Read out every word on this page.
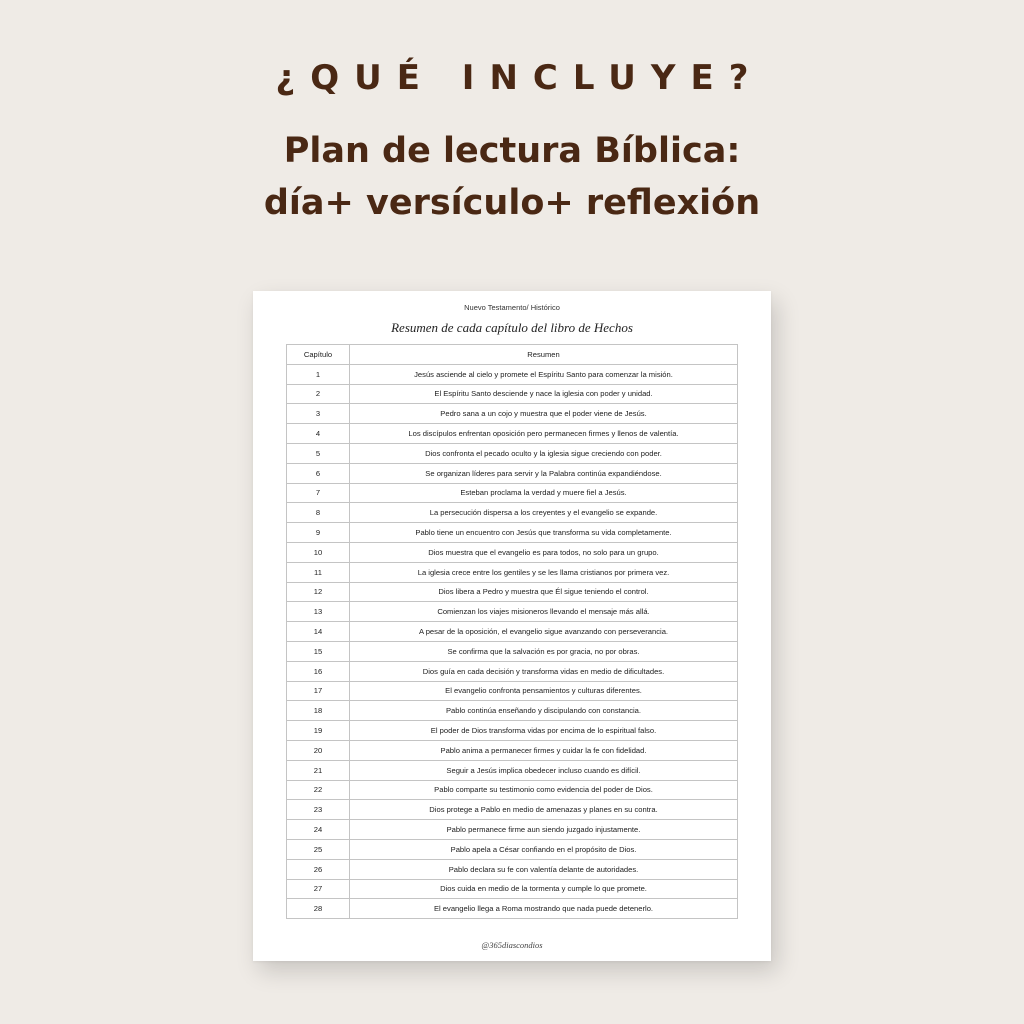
¿QUÉ INCLUYE?
Plan de lectura Bíblica:
día+ versículo+ reflexión
Nuevo Testamento/ Histórico
Resumen de cada capítulo del libro de Hechos
Capítulo	Resumen
1	Jesús asciende al cielo y promete el Espíritu Santo para comenzar la misión.
2	El Espíritu Santo desciende y nace la iglesia con poder y unidad.
3	Pedro sana a un cojo y muestra que el poder viene de Jesús.
4	Los discípulos enfrentan oposición pero permanecen firmes y llenos de valentía.
5	Dios confronta el pecado oculto y la iglesia sigue creciendo con poder.
6	Se organizan líderes para servir y la Palabra continúa expandiéndose.
7	Esteban proclama la verdad y muere fiel a Jesús.
8	La persecución dispersa a los creyentes y el evangelio se expande.
9	Pablo tiene un encuentro con Jesús que transforma su vida completamente.
10	Dios muestra que el evangelio es para todos, no solo para un grupo.
11	La iglesia crece entre los gentiles y se les llama cristianos por primera vez.
12	Dios libera a Pedro y muestra que Él sigue teniendo el control.
13	Comienzan los viajes misioneros llevando el mensaje más allá.
14	A pesar de la oposición, el evangelio sigue avanzando con perseverancia.
15	Se confirma que la salvación es por gracia, no por obras.
16	Dios guía en cada decisión y transforma vidas en medio de dificultades.
17	El evangelio confronta pensamientos y culturas diferentes.
18	Pablo continúa enseñando y discipulando con constancia.
19	El poder de Dios transforma vidas por encima de lo espiritual falso.
20	Pablo anima a permanecer firmes y cuidar la fe con fidelidad.
21	Seguir a Jesús implica obedecer incluso cuando es difícil.
22	Pablo comparte su testimonio como evidencia del poder de Dios.
23	Dios protege a Pablo en medio de amenazas y planes en su contra.
24	Pablo permanece firme aun siendo juzgado injustamente.
25	Pablo apela a César confiando en el propósito de Dios.
26	Pablo declara su fe con valentía delante de autoridades.
27	Dios cuida en medio de la tormenta y cumple lo que promete.
28	El evangelio llega a Roma mostrando que nada puede detenerlo.
@365diascondios
